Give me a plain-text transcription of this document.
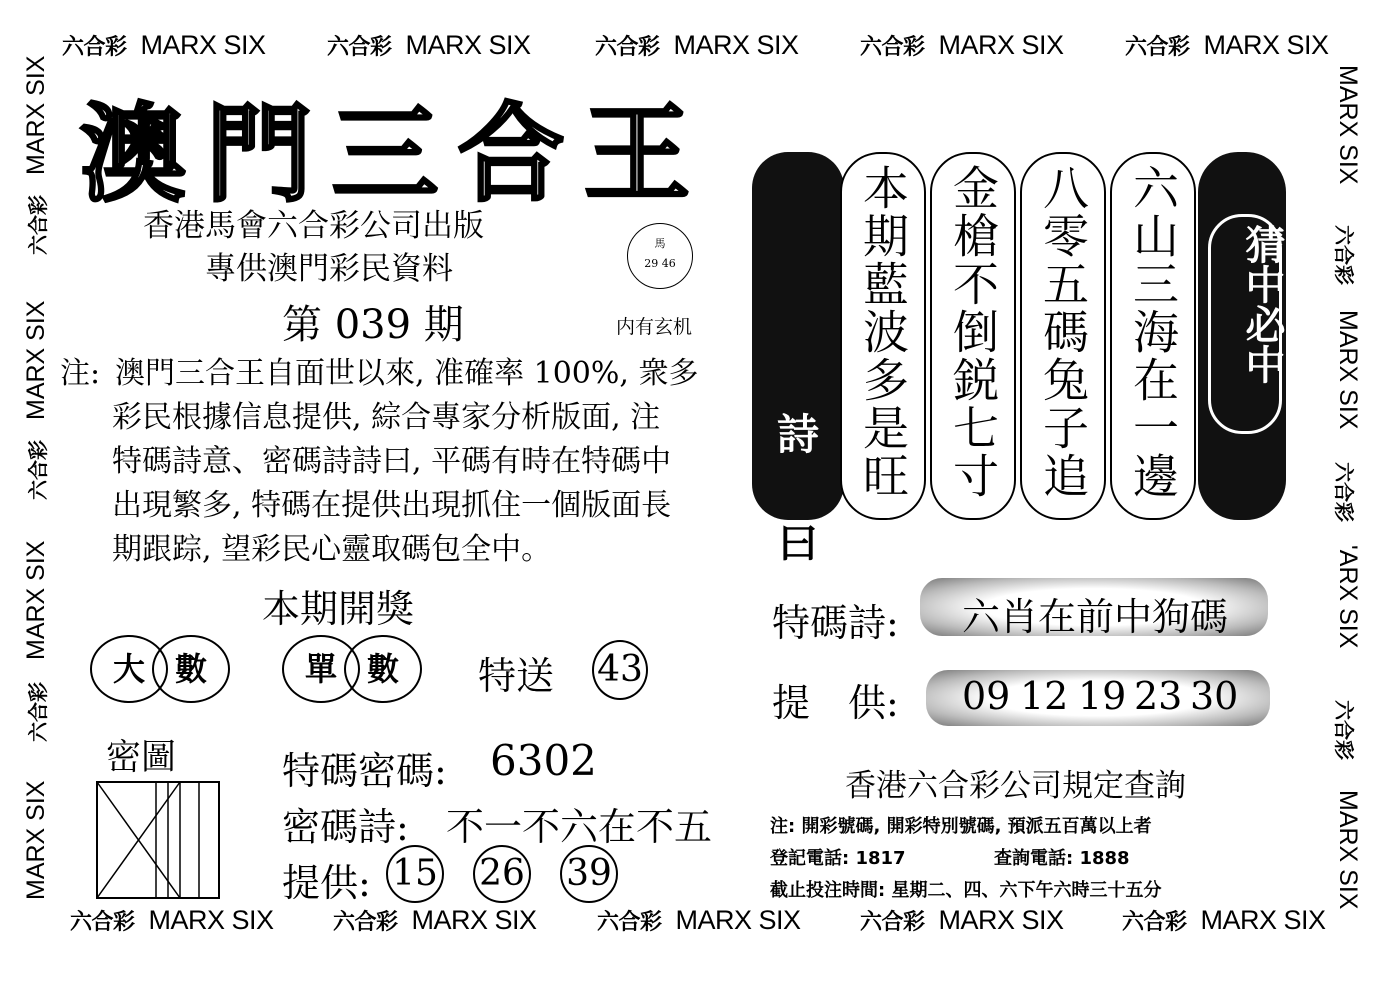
六合彩 MARX SIX	六合彩 MARX SIX	六合彩 MARX SIX	六合彩 MARX SIX	六合彩 MARX SIX
六合彩 MARX SIX	六合彩 MARX SIX	六合彩 MARX SIX	六合彩 MARX SIX	六合彩 MARX SIX
MARX SIX
六合彩
MARX SIX
六合彩
MARX SIX
六合彩
MARX SIX
MARX SIX
六合彩
MARX SIX
六合彩
'ARX SIX
六合彩
MARX SIX
澳門三合王
香港馬會六合彩公司出版
專供澳門彩民資料
第 039 期
馬
29 46
内有玄机
注: 澳門三合王自面世以來, 准確率 100%, 衆多
彩民根據信息提供, 綜合專家分析版面, 注
特碼詩意、密碼詩詩曰, 平碼有時在特碼中
出現繁多, 特碼在提供出現抓住一個版面長
期跟踪, 望彩民心靈取碼包全中。
本期開獎
大 數	單 數	特送 43
密圖	特碼密碼: 6302
密碼詩: 不一不六在不五
提供: 15 26 39
詩
曰
本期藍波多是旺 金槍不倒鋭七寸 八零五碼兔子追 六山三海在一邊	猜中必中
特碼詩: 六肖在前中狗碼
提　供: 09 12 19 23 30
香港六合彩公司規定查詢
注: 開彩號碼, 開彩特別號碼, 預派五百萬以上者
登記電話: 1817	查詢電話: 1888
截止投注時間: 星期二、四、六下午六時三十五分
